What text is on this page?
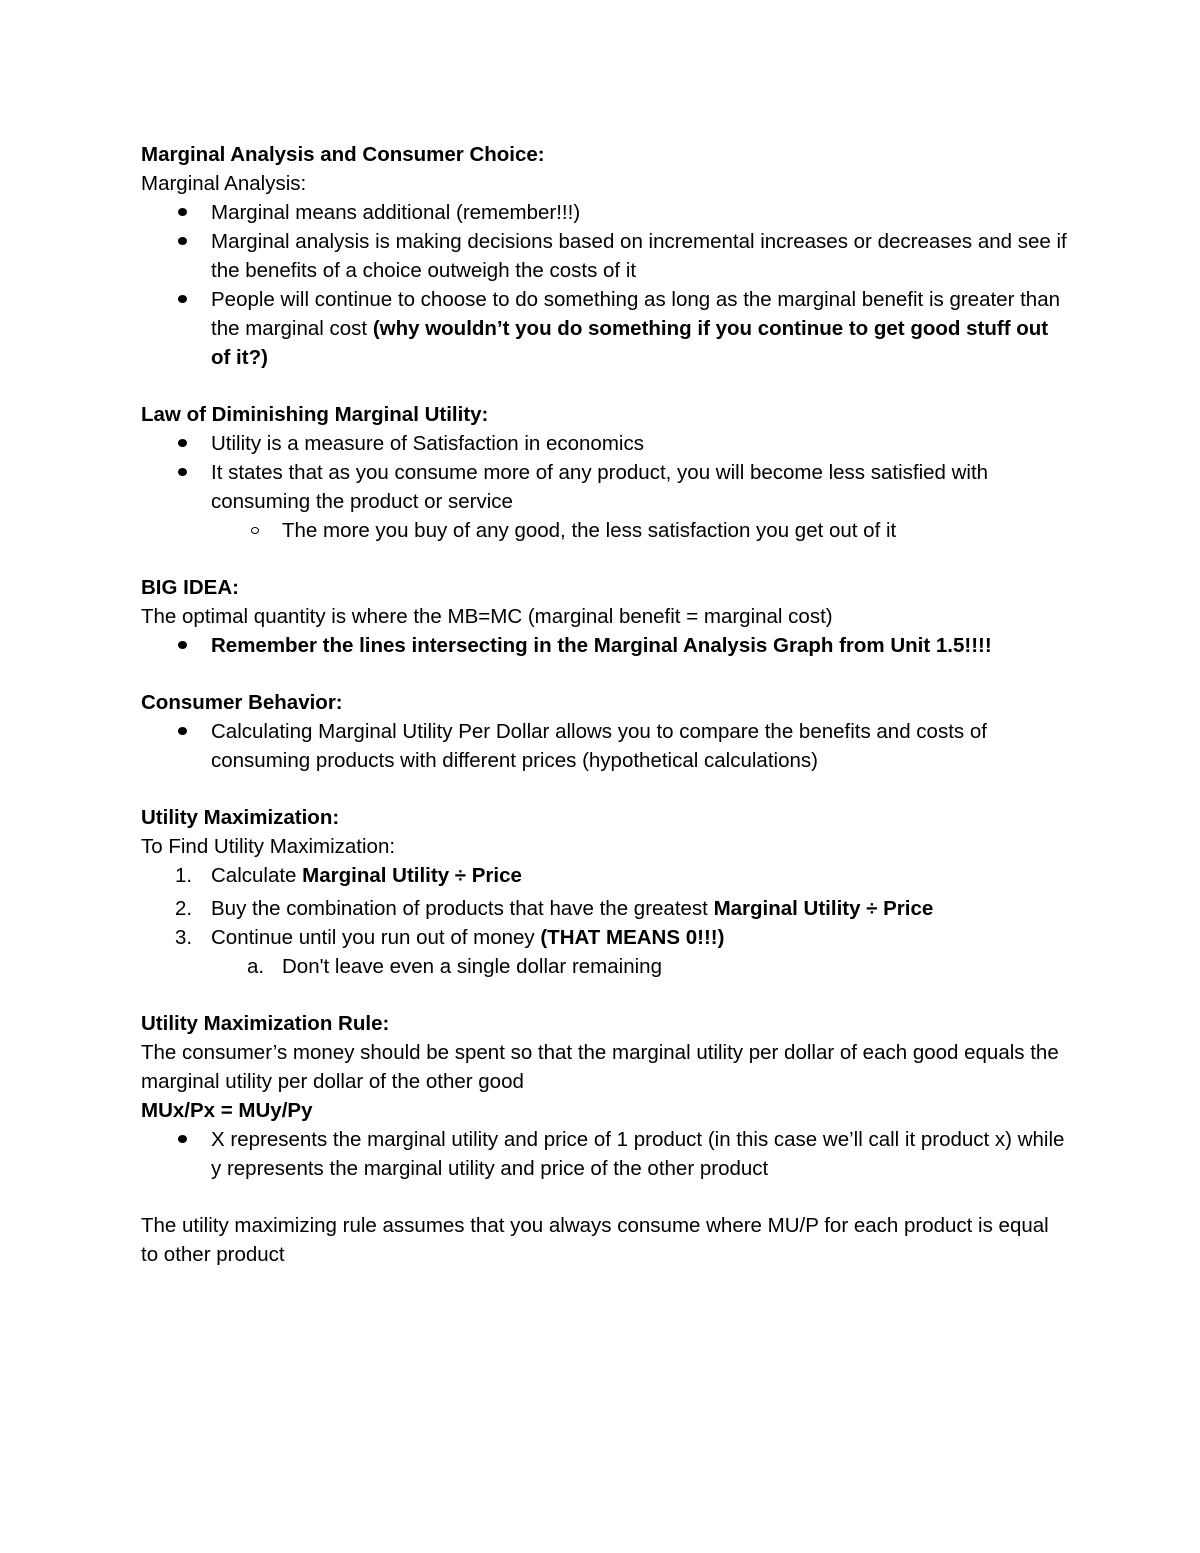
Marginal Analysis and Consumer Choice:

Marginal Analysis:

Marginal means additional (remember!!!)
Marginal analysis is making decisions based on incremental increases or decreases and see if the benefits of a choice outweigh the costs of it
People will continue to choose to do something as long as the marginal benefit is greater than the marginal cost (why wouldn’t you do something if you continue to get good stuff out of it?)

Law of Diminishing Marginal Utility:

Utility is a measure of Satisfaction in economics
It states that as you consume more of any product, you will become less satisfied with consuming the product or service
The more you buy of any good, the less satisfaction you get out of it

BIG IDEA:

The optimal quantity is where the MB=MC (marginal benefit = marginal cost)

Remember the lines intersecting in the Marginal Analysis Graph from Unit 1.5!!!!

Consumer Behavior:

Calculating Marginal Utility Per Dollar allows you to compare the benefits and costs of consuming products with different prices (hypothetical calculations)

Utility Maximization:

To Find Utility Maximization:

1. Calculate Marginal Utility ÷ Price
2. Buy the combination of products that have the greatest Marginal Utility ÷ Price
3. Continue until you run out of money (THAT MEANS 0!!!)
a. Don't leave even a single dollar remaining

Utility Maximization Rule:

The consumer’s money should be spent so that the marginal utility per dollar of each good equals the marginal utility per dollar of the other good

MUx/Px = MUy/Py

X represents the marginal utility and price of 1 product (in this case we’ll call it product x) while y represents the marginal utility and price of the other product

The utility maximizing rule assumes that you always consume where MU/P for each product is equal to other product
